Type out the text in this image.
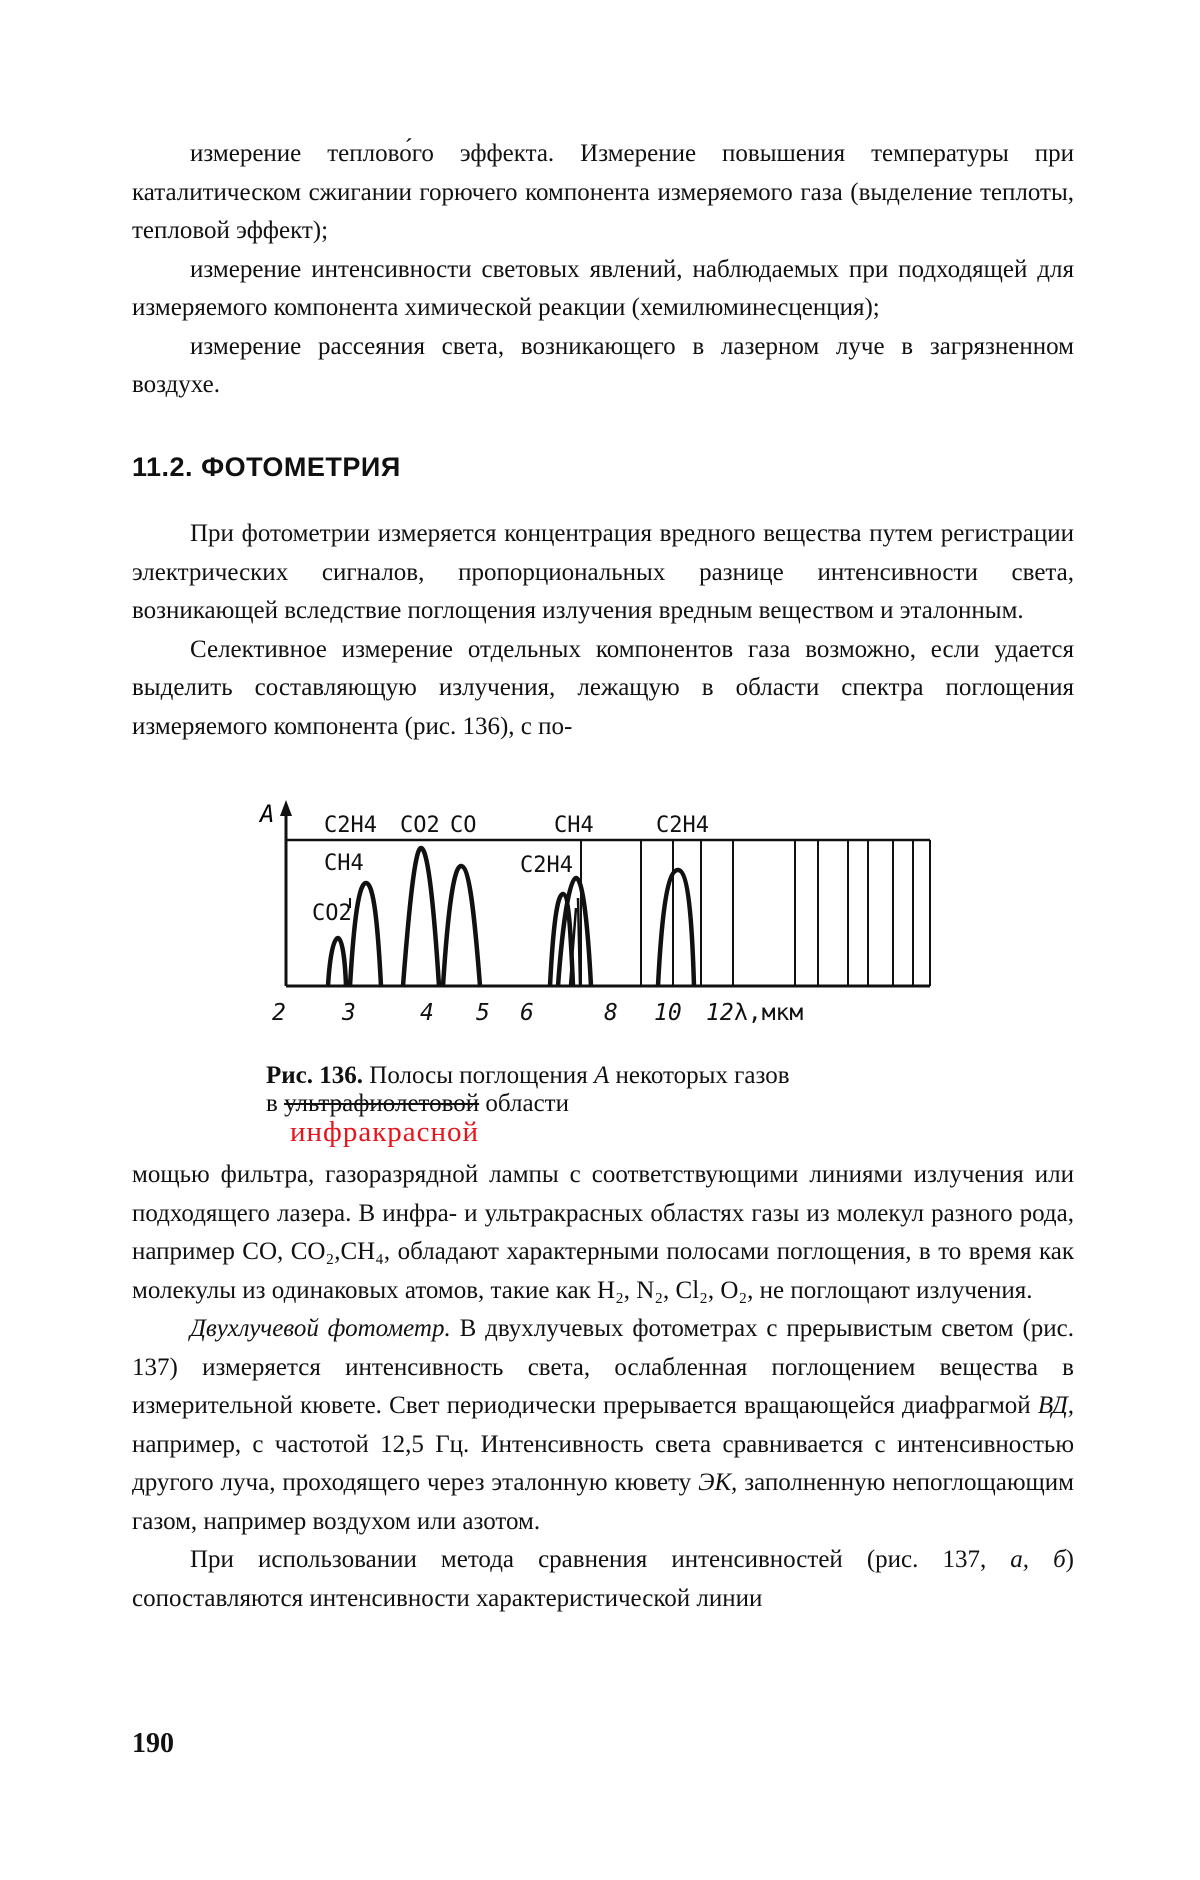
измерение теплово́го эффекта. Измерение повышения температуры при каталитическом сжигании горючего компонента измеряемого газа (выделение теплоты, тепловой эффект);

измерение интенсивности световых явлений, наблюдаемых при подходящей для измеряемого компонента химической реакции (хемилюминесценция);

измерение рассеяния света, возникающего в лазерном луче в загрязненном воздухе.

11.2. ФОТОМЕТРИЯ

При фотометрии измеряется концентрация вредного вещества путем регистрации электрических сигналов, пропорциональных разнице интенсивности света, возникающей вследствие поглощения излучения вредным веществом и эталонным.

Селективное измерение отдельных компонентов газа возможно, если удается выделить составляющую излучения, лежащую в области спектра поглощения измеряемого компонента (рис. 136), с по-

C2H4 CO2 CO	CH4	C2H4
CH4
CO2
C2H4
A
2 3	4 5 6	8 10 12 λ,мкм
Рис. 136. Полосы поглощения A некоторых газов
в ультрафиолетовой области
инфракрасной

мощью фильтра, газоразрядной лампы с соответствующими линиями излучения или подходящего лазера. В инфра- и ультракрасных областях газы из молекул разного рода, например CO, CO₂,CH₄, обладают характерными полосами поглощения, в то время как молекулы из одинаковых атомов, такие как H₂, N₂, Cl₂, O₂, не поглощают излучения.

Двухлучевой фотометр. В двухлучевых фотометрах с прерывистым светом (рис. 137) измеряется интенсивность света, ослабленная поглощением вещества в измерительной кювете. Свет периодически прерывается вращающейся диафрагмой ВД, например, с частотой 12,5 Гц. Интенсивность света сравнивается с интенсивностью другого луча, проходящего через эталонную кювету ЭК, заполненную непоглощающим газом, например воздухом или азотом.

При использовании метода сравнения интенсивностей (рис. 137, а, б) сопоставляются интенсивности характеристической линии

190
